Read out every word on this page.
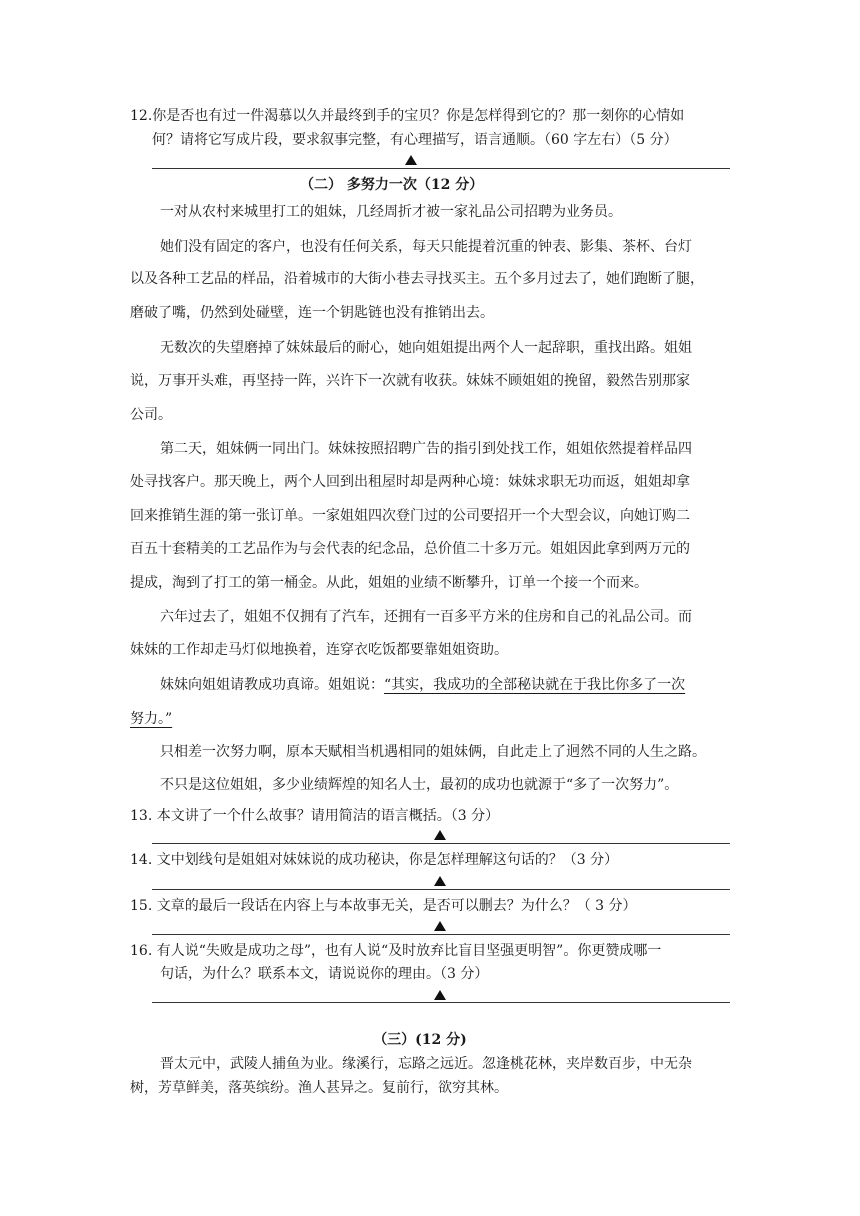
12.你是否也有过一件渴慕以久并最终到手的宝贝？你是怎样得到它的？那一刻你的心情如
何？请将它写成片段，要求叙事完整，有心理描写，语言通顺。（60 字左右）（5 分）
（二） 多努力一次（12 分）
一对从农村来城里打工的姐妹，几经周折才被一家礼品公司招聘为业务员。
她们没有固定的客户，也没有任何关系，每天只能提着沉重的钟表、影集、茶杯、台灯
以及各种工艺品的样品，沿着城市的大街小巷去寻找买主。五个多月过去了，她们跑断了腿，
磨破了嘴，仍然到处碰壁，连一个钥匙链也没有推销出去。
无数次的失望磨掉了妹妹最后的耐心，她向姐姐提出两个人一起辞职，重找出路。姐姐
说，万事开头难，再坚持一阵，兴许下一次就有收获。妹妹不顾姐姐的挽留，毅然告别那家
公司。
第二天，姐妹俩一同出门。妹妹按照招聘广告的指引到处找工作，姐姐依然提着样品四
处寻找客户。那天晚上，两个人回到出租屋时却是两种心境：妹妹求职无功而返，姐姐却拿
回来推销生涯的第一张订单。一家姐姐四次登门过的公司要招开一个大型会议，向她订购二
百五十套精美的工艺品作为与会代表的纪念品，总价值二十多万元。姐姐因此拿到两万元的
提成，淘到了打工的第一桶金。从此，姐姐的业绩不断攀升，订单一个接一个而来。
六年过去了，姐姐不仅拥有了汽车，还拥有一百多平方米的住房和自己的礼品公司。而
妹妹的工作却走马灯似地换着，连穿衣吃饭都要靠姐姐资助。
妹妹向姐姐请教成功真谛。姐姐说：“其实，我成功的全部秘诀就在于我比你多了一次
努力。”
只相差一次努力啊，原本天赋相当机遇相同的姐妹俩，自此走上了迥然不同的人生之路。
不只是这位姐姐，多少业绩辉煌的知名人士，最初的成功也就源于“多了一次努力”。
13. 本文讲了一个什么故事？请用简洁的语言概括。（3 分）
14. 文中划线句是姐姐对妹妹说的成功秘诀，你是怎样理解这句话的？（3 分）
15. 文章的最后一段话在内容上与本故事无关，是否可以删去？为什么？（ 3 分）
16. 有人说“失败是成功之母”，也有人说“及时放弃比盲目坚强更明智”。你更赞成哪一
句话，为什么？联系本文，请说说你的理由。（3 分）
（三）(12 分)
晋太元中，武陵人捕鱼为业。缘溪行，忘路之远近。忽逢桃花林，夹岸数百步，中无杂
树，芳草鲜美，落英缤纷。渔人甚异之。复前行，欲穷其林。
